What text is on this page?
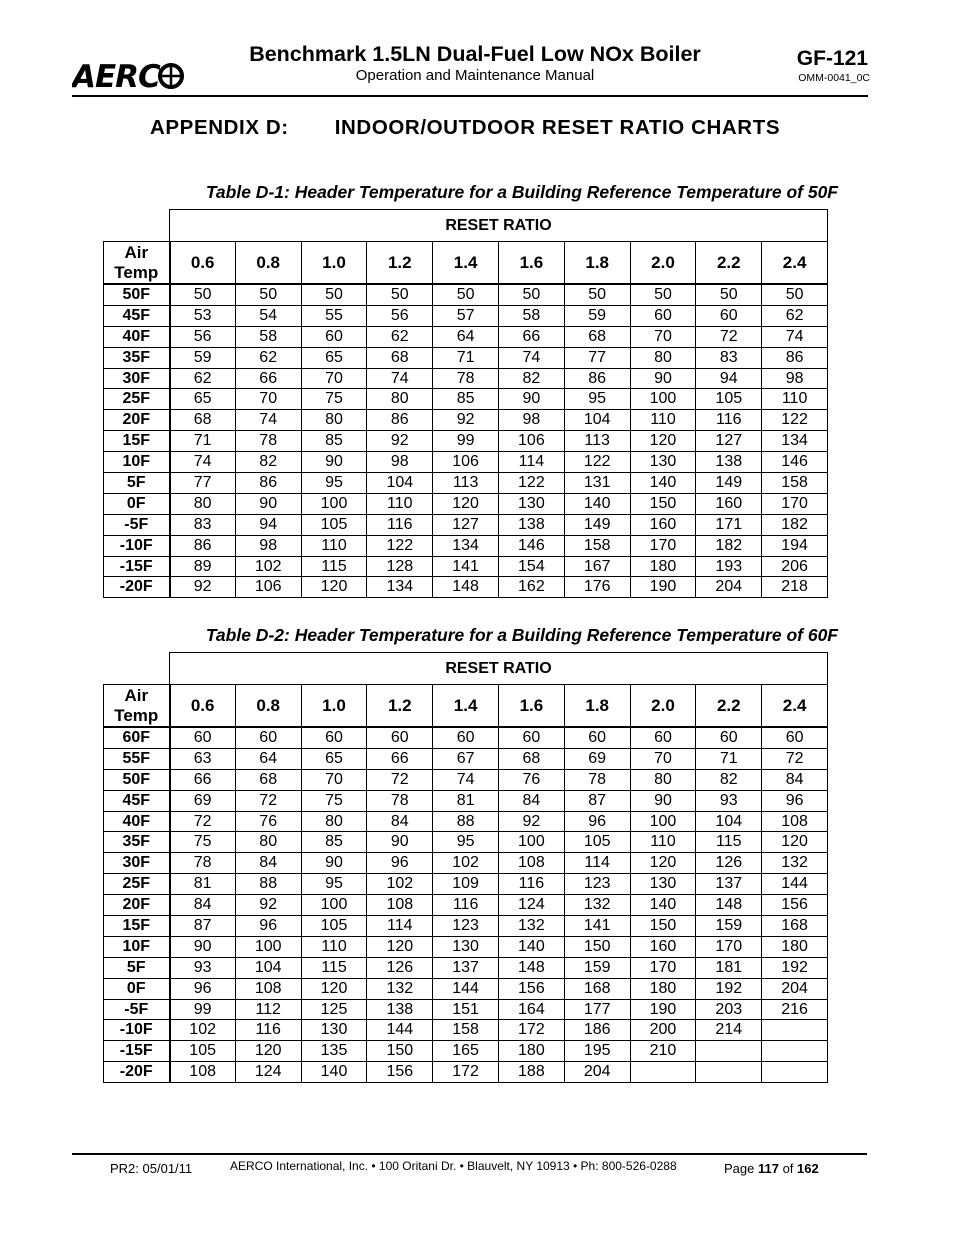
AERC
Benchmark 1.5LN Dual-Fuel Low NOx Boiler
Operation and Maintenance Manual
GF-121
OMM-0041_0C
APPENDIX D: INDOOR/OUTDOOR RESET RATIO CHARTS
Table D-1: Header Temperature for a Building Reference Temperature of 50F
	RESET RATIO									
Air
Temp	0.6	0.8	1.0	1.2	1.4	1.6	1.8	2.0	2.2	2.4
50F	50	50	50	50	50	50	50	50	50	50
45F	53	54	55	56	57	58	59	60	60	62
40F	56	58	60	62	64	66	68	70	72	74
35F	59	62	65	68	71	74	77	80	83	86
30F	62	66	70	74	78	82	86	90	94	98
25F	65	70	75	80	85	90	95	100	105	110
20F	68	74	80	86	92	98	104	110	116	122
15F	71	78	85	92	99	106	113	120	127	134
10F	74	82	90	98	106	114	122	130	138	146
5F	77	86	95	104	113	122	131	140	149	158
0F	80	90	100	110	120	130	140	150	160	170
-5F	83	94	105	116	127	138	149	160	171	182
-10F	86	98	110	122	134	146	158	170	182	194
-15F	89	102	115	128	141	154	167	180	193	206
-20F	92	106	120	134	148	162	176	190	204	218
Table D-2: Header Temperature for a Building Reference Temperature of 60F
	RESET RATIO									
Air
Temp	0.6	0.8	1.0	1.2	1.4	1.6	1.8	2.0	2.2	2.4
60F	60	60	60	60	60	60	60	60	60	60
55F	63	64	65	66	67	68	69	70	71	72
50F	66	68	70	72	74	76	78	80	82	84
45F	69	72	75	78	81	84	87	90	93	96
40F	72	76	80	84	88	92	96	100	104	108
35F	75	80	85	90	95	100	105	110	115	120
30F	78	84	90	96	102	108	114	120	126	132
25F	81	88	95	102	109	116	123	130	137	144
20F	84	92	100	108	116	124	132	140	148	156
15F	87	96	105	114	123	132	141	150	159	168
10F	90	100	110	120	130	140	150	160	170	180
5F	93	104	115	126	137	148	159	170	181	192
0F	96	108	120	132	144	156	168	180	192	204
-5F	99	112	125	138	151	164	177	190	203	216
-10F	102	116	130	144	158	172	186	200	214	
-15F	105	120	135	150	165	180	195	210		
-20F	108	124	140	156	172	188	204			
PR2: 05/01/11	AERCO International, Inc. • 100 Oritani Dr. • Blauvelt, NY 10913 • Ph: 800-526-0288	Page 117 of 162
